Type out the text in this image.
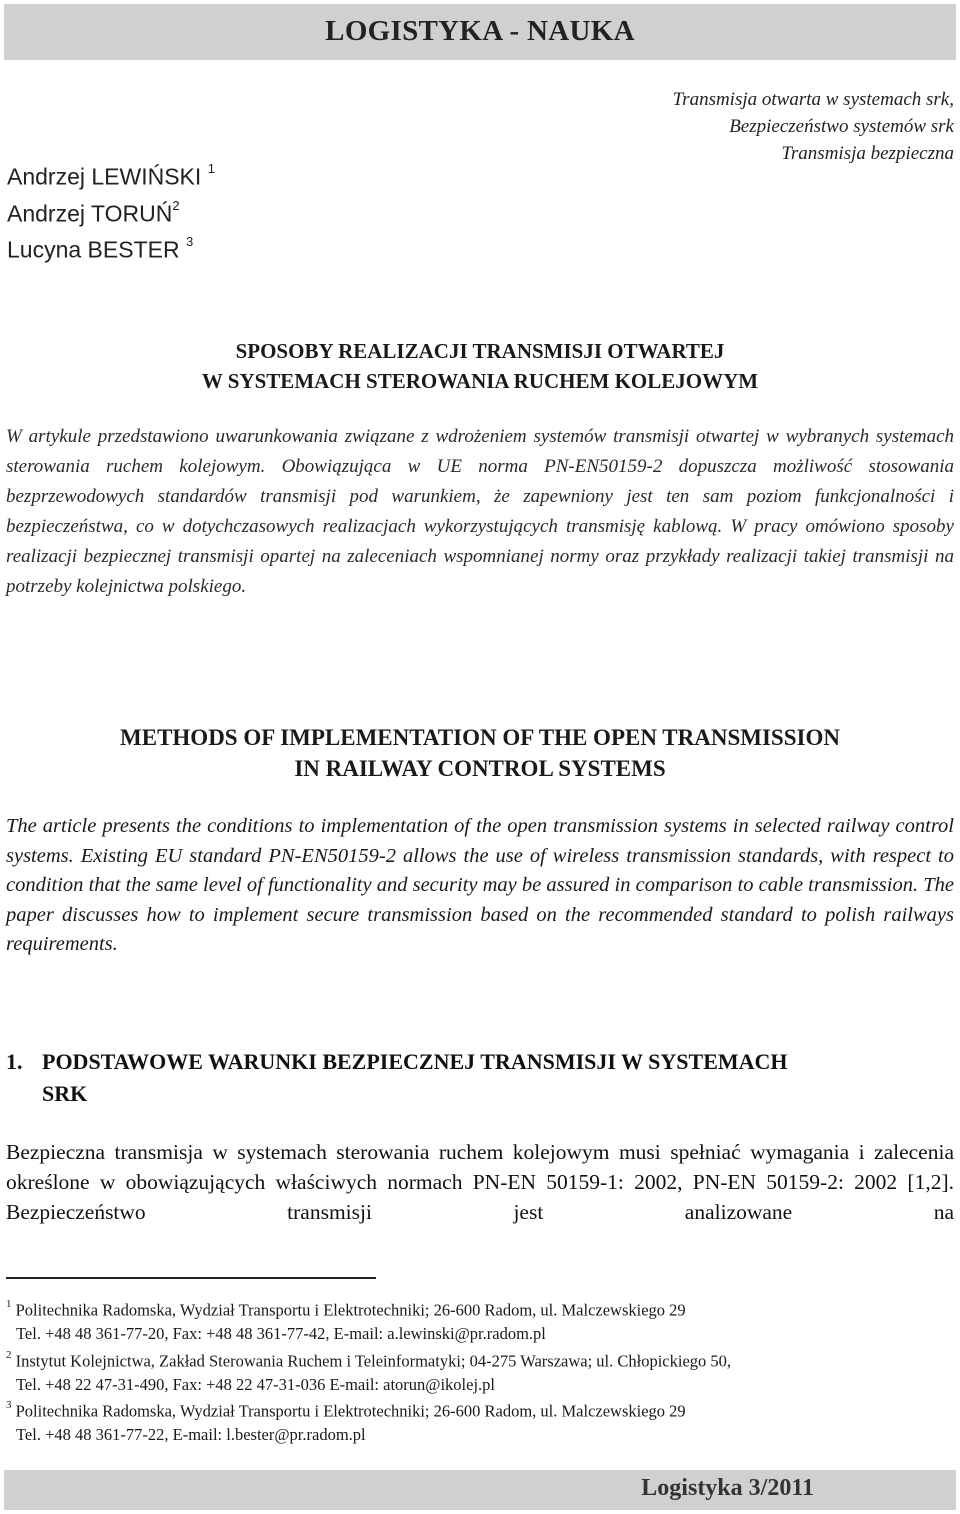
LOGISTYKA - NAUKA
Transmisja otwarta w systemach srk,
Bezpieczeństwo systemów srk
Transmisja bezpieczna
Andrzej LEWIŃSKI $^1$
Andrzej TORUŃ$^2$
Lucyna BESTER $^3$
SPOSOBY REALIZACJI TRANSMISJI OTWARTEJ
W SYSTEMACH STEROWANIA RUCHEM KOLEJOWYM

W artykule przedstawiono uwarunkowania związane z wdrożeniem systemów transmisji otwartej w wybranych systemach sterowania ruchem kolejowym. Obowiązująca w UE norma PN-EN50159-2 dopuszcza możliwość stosowania bezprzewodowych standardów transmisji pod warunkiem, że zapewniony jest ten sam poziom funkcjonalności i bezpieczeństwa, co w dotychczasowych realizacjach wykorzystujących transmisję kablową. W pracy omówiono sposoby realizacji bezpiecznej transmisji opartej na zaleceniach wspomnianej normy oraz przykłady realizacji takiej transmisji na potrzeby kolejnictwa polskiego.

METHODS OF IMPLEMENTATION OF THE OPEN TRANSMISSION
IN RAILWAY CONTROL SYSTEMS

The article presents the conditions to implementation of the open transmission systems in selected railway control systems. Existing EU standard PN-EN50159-2 allows the use of wireless transmission standards, with respect to condition that the same level of functionality and security may be assured in comparison to cable transmission. The paper discusses how to implement secure transmission based on the recommended standard to polish railways requirements.

1. PODSTAWOWE WARUNKI BEZPIECZNEJ TRANSMISJI W SYSTEMACH
SRK

Bezpieczna transmisja w systemach sterowania ruchem kolejowym musi spełniać wymagania i zalecenia określone w obowiązujących właściwych normach PN-EN 50159-1: 2002, PN-EN 50159-2: 2002 [1,2]. Bezpieczeństwo transmisji jest analizowane na

$^1$ Politechnika Radomska, Wydział Transportu i Elektrotechniki; 26-600 Radom, ul. Malczewskiego 29
Tel. +48 48 361-77-20, Fax: +48 48 361-77-42, E-mail: a.lewinski@pr.radom.pl

$^2$ Instytut Kolejnictwa, Zakład Sterowania Ruchem i Teleinformatyki; 04-275 Warszawa; ul. Chłopickiego 50,
Tel. +48 22 47-31-490, Fax: +48 22 47-31-036 E-mail: atorun@ikolej.pl

$^3$ Politechnika Radomska, Wydział Transportu i Elektrotechniki; 26-600 Radom, ul. Malczewskiego 29
Tel. +48 48 361-77-22, E-mail: l.bester@pr.radom.pl

Logistyka 3/2011
